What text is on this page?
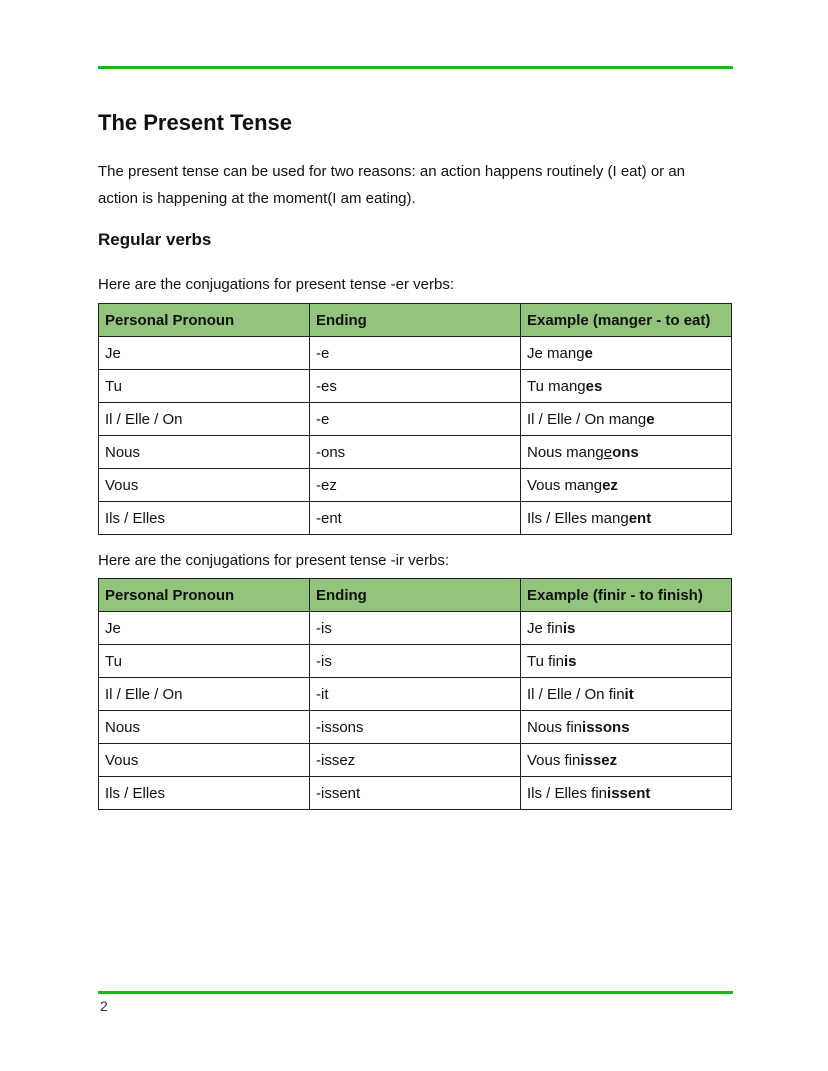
The Present Tense
The present tense can be used for two reasons: an action happens routinely (I eat) or an action is happening at the moment(I am eating).
Regular verbs
Here are the conjugations for present tense -er verbs:
Personal Pronoun	Ending	Example (manger - to eat)
Je	-e	Je mange
Tu	-es	Tu manges
Il / Elle / On	-e	Il / Elle / On mange
Nous	-ons	Nous mangeons
Vous	-ez	Vous mangez
Ils / Elles	-ent	Ils / Elles mangent
Here are the conjugations for present tense -ir verbs:
Personal Pronoun	Ending	Example (finir - to finish)
Je	-is	Je finis
Tu	-is	Tu finis
Il / Elle / On	-it	Il / Elle / On finit
Nous	-issons	Nous finissons
Vous	-issez	Vous finissez
Ils / Elles	-issent	Ils / Elles finissent
2
